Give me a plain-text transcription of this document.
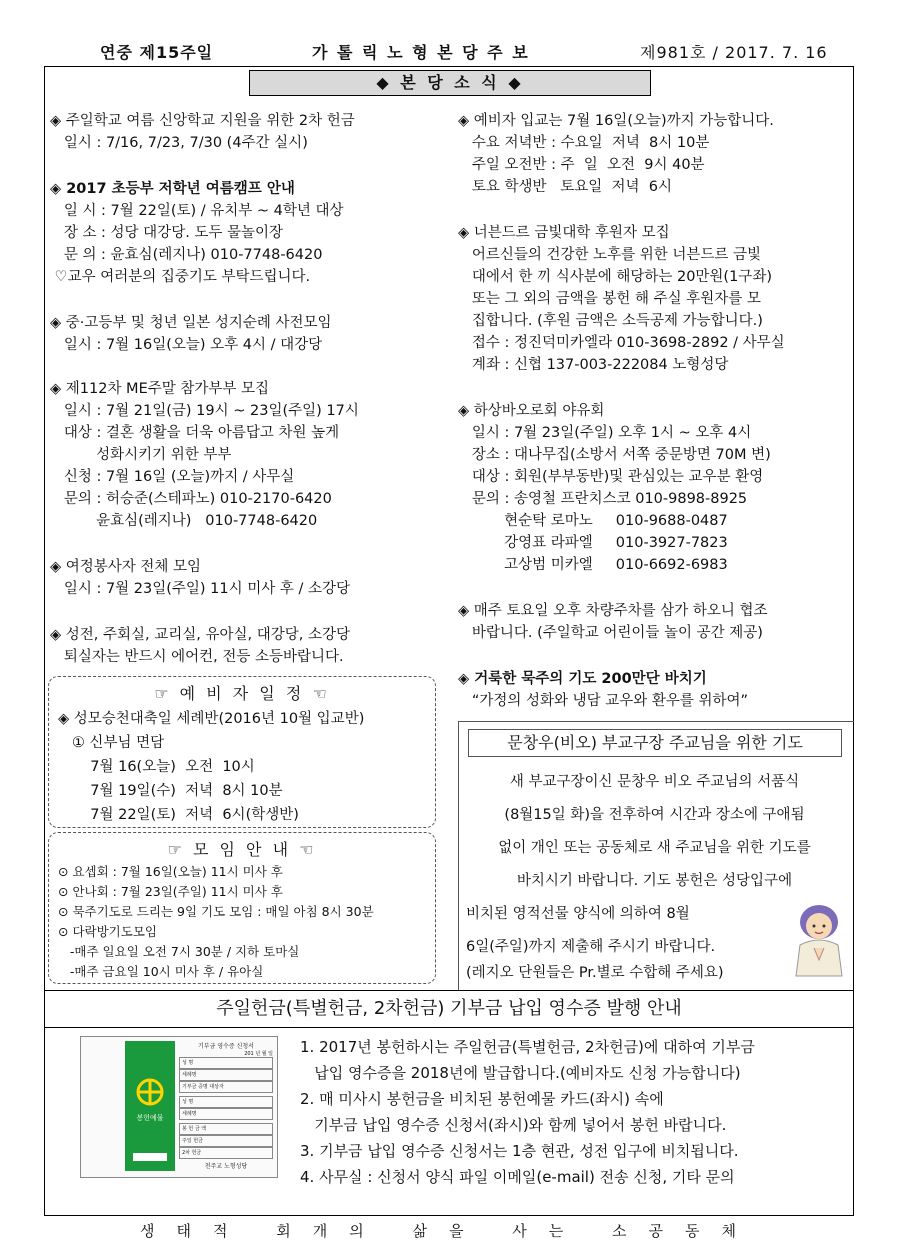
연중 제15주일	가 톨 릭 노 형 본 당 주 보	제981호 / 2017. 7. 16
◆ 본 당 소 식 ◆
◈ 주일학교 여름 신앙학교 지원을 위한 2차 헌금
일시 : 7/16, 7/23, 7/30 (4주간 실시)
◈ 2017 초등부 저학년 여름캠프 안내
일 시 : 7월 22일(토) / 유치부 ~ 4학년 대상
장 소 : 성당 대강당. 도두 물놀이장
문 의 : 윤효심(레지나) 010-7748-6420
♡교우 여러분의 집중기도 부탁드립니다.
◈ 중·고등부 및 청년 일본 성지순례 사전모임
일시 : 7월 16일(오늘) 오후 4시 / 대강당
◈ 제112차 ME주말 참가부부 모집
일시 : 7월 21일(금) 19시 ~ 23일(주일) 17시
대상 : 결혼 생활을 더욱 아름답고 차원 높게
성화시키기 위한 부부
신청 : 7월 16일 (오늘)까지 / 사무실
문의 : 허승준(스테파노) 010-2170-6420
윤효심(레지나)   010-7748-6420
◈ 여정봉사자 전체 모임
일시 : 7월 23일(주일) 11시 미사 후 / 소강당
◈ 성전, 주회실, 교리실, 유아실, 대강당, 소강당
퇴실자는 반드시 에어컨, 전등 소등바랍니다.
☞ 예 비 자 일 정 ☜
◈ 성모승천대축일 세례반(2016년 10월 입교반)
① 신부님 면담
7월 16(오늘)  오전  10시
7월 19일(수)  저녁  8시 10분
7월 22일(토)  저녁  6시(학생반)
☞ 모 임 안 내 ☜
⊙ 요셉회 : 7월 16일(오늘) 11시 미사 후
⊙ 안나회 : 7월 23일(주일) 11시 미사 후
⊙ 묵주기도로 드리는 9일 기도 모임 : 매일 아침 8시 30분
⊙ 다락방기도모임
-매주 일요일 오전 7시 30분 / 지하 토마실
-매주 금요일 10시 미사 후 / 유아실
◈ 예비자 입교는 7월 16일(오늘)까지 가능합니다.
수요 저녁반 : 수요일  저녁  8시 10분
주일 오전반 : 주  일  오전  9시 40분
토요 학생반   토요일  저녁  6시
◈ 너븐드르 금빛대학 후원자 모집
어르신들의 건강한 노후를 위한 너븐드르 금빛
대에서 한 끼 식사분에 해당하는 20만원(1구좌)
또는 그 외의 금액을 봉헌 해 주실 후원자를 모
집합니다. (후원 금액은 소득공제 가능합니다.)
접수 : 정진덕미카엘라 010-3698-2892 / 사무실
계좌 : 신협 137-003-222084 노형성당
◈ 하상바오로회 야유회
일시 : 7월 23일(주일) 오후 1시 ~ 오후 4시
장소 : 대나무집(소방서 서쪽 중문방면 70M 변)
대상 : 회원(부부동반)및 관심있는 교우분 환영
문의 : 송영철 프란치스코 010-9898-8925
현순탁 로마노     010-9688-0487
강영표 라파엘     010-3927-7823
고상범 미카엘     010-6692-6983
◈ 매주 토요일 오후 차량주차를 삼가 하오니 협조
바랍니다. (주일학교 어린이들 놀이 공간 제공)
◈ 거룩한 묵주의 기도 200만단 바치기
“가정의 성화와 냉담 교우와 환우를 위하여”
문창우(비오) 부교구장 주교님을 위한 기도
새 부교구장이신 문창우 비오 주교님의 서품식
(8월15일 화)을 전후하여 시간과 장소에 구애됨
없이 개인 또는 공동체로 새 주교님을 위한 기도를
바치시기 바랍니다. 기도 봉헌은 성당입구에
비치된 영적선물 양식에 의하여 8월
6일(주일)까지 제출해 주시기 바랍니다.
(레지오 단원들은 Pr.별로 수합해 주세요)
주일헌금(특별헌금, 2차헌금) 기부금 납입 영수증 발행 안내
봉헌예물
기부금 영수증 신청서
201 년 월 일
성 명
세례명
기부금 증명 대상자
성 명
세례명
봉 헌 금 액
주일 헌금
2차 헌금
천주교 노형성당
1. 2017년 봉헌하시는 주일헌금(특별헌금, 2차헌금)에 대하여 기부금
납입 영수증을 2018년에 발급합니다.(예비자도 신청 가능합니다)
2. 매 미사시 봉헌금을 비치된 봉헌예물 카드(좌시) 속에
기부금 납입 영수증 신청서(좌시)와 함께 넣어서 봉헌 바랍니다.
3. 기부금 납입 영수증 신청서는 1층 현관, 성전 입구에 비치됩니다.
4. 사무실 : 신청서 양식 파일 이메일(e-mail) 전송 신청, 기타 문의
생태적 회개의 삶을 사는 소공동체
